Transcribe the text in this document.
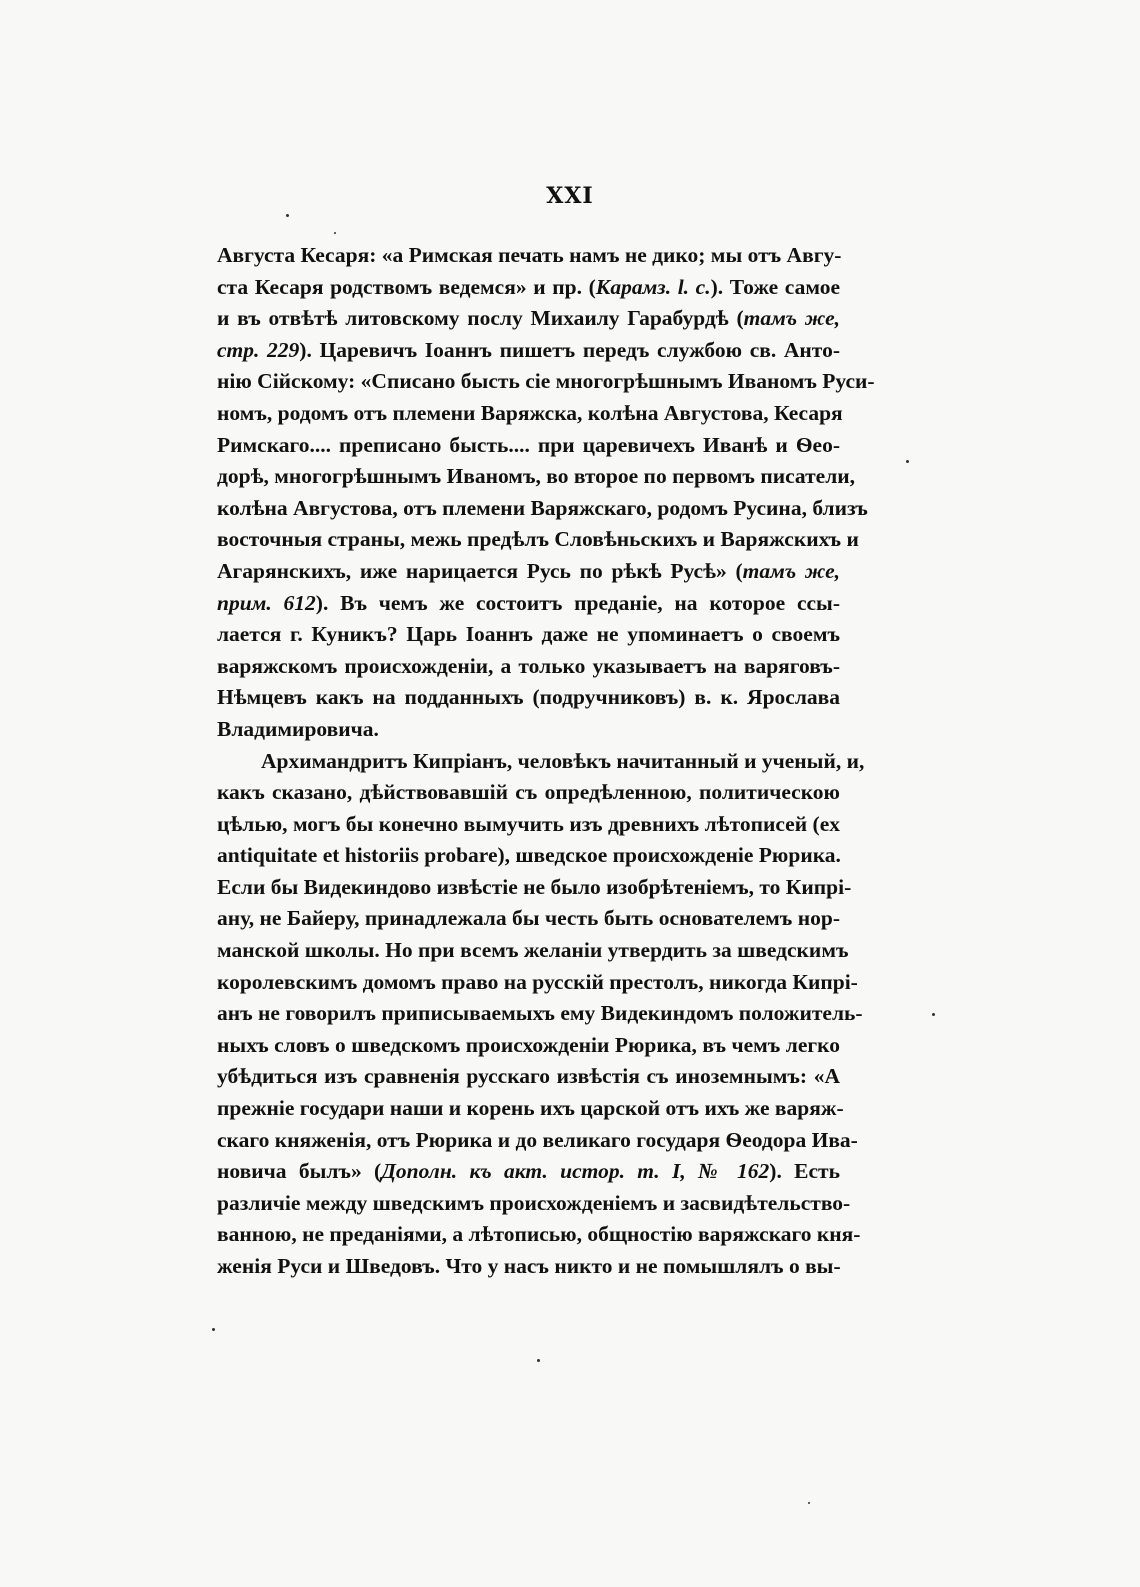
XXI
Августа Кесаря: «а Римская печать намъ не дико; мы отъ Авгу-
ста Кесаря родствомъ ведемся» и пр. (Карамз. l. c.). Тоже самое
и въ отвѣтѣ литовскому послу Михаилу Гарабурдѣ (тамъ же,
стр. 229). Царевичъ Іоаннъ пишетъ передъ службою св. Анто-
нію Сійскому: «Списано бысть сіе многогрѣшнымъ Иваномъ Руси-
номъ, родомъ отъ племени Варяжска, колѣна Августова, Кесаря
Римскаго.... преписано бысть.... при царевичехъ Иванѣ и Ѳео-
дорѣ, многогрѣшнымъ Иваномъ, во второе по первомъ писатели,
колѣна Августова, отъ племени Варяжскаго, родомъ Русина, близъ
восточныя страны, межь предѣлъ Словѣньскихъ и Варяжскихъ и
Агарянскихъ, иже нарицается Русь по рѣкѣ Русѣ» (тамъ же,
прим. 612). Въ чемъ же состоитъ преданіе, на которое ссы-
лается г. Куникъ? Царь Іоаннъ даже не упоминаетъ о своемъ
варяжскомъ происхожденіи, а только указываетъ на варяговъ-
Нѣмцевъ какъ на подданныхъ (подручниковъ) в. к. Ярослава
Владимировича.
Архимандритъ Кипріанъ, человѣкъ начитанный и ученый, и,
какъ сказано, дѣйствовавшій съ опредѣленною, политическою
цѣлью, могъ бы конечно вымучить изъ древнихъ лѣтописей (ex
antiquitate et historiis probare), шведское происхожденіе Рюрика.
Если бы Видекиндово извѣстіе не было изобрѣтеніемъ, то Кипрі-
ану, не Байеру, принадлежала бы честь быть основателемъ нор-
манской школы. Но при всемъ желаніи утвердить за шведскимъ
королевскимъ домомъ право на русскій престолъ, никогда Кипрі-
анъ не говорилъ приписываемыхъ ему Видекиндомъ положитель-
ныхъ словъ о шведскомъ происхожденіи Рюрика, въ чемъ легко
убѣдиться изъ сравненія русскаго извѣстія съ иноземнымъ: «А
прежніе государи наши и корень ихъ царской отъ ихъ же варяж-
скаго княженія, отъ Рюрика и до великаго государя Ѳеодора Ива-
новича былъ» (Дополн. къ акт. истор. т. I, № 162). Есть
различіе между шведскимъ происхожденіемъ и засвидѣтельство-
ванною, не преданіями, а лѣтописью, общностію варяжскаго кня-
женія Руси и Шведовъ. Что у насъ никто и не помышлялъ о вы-
